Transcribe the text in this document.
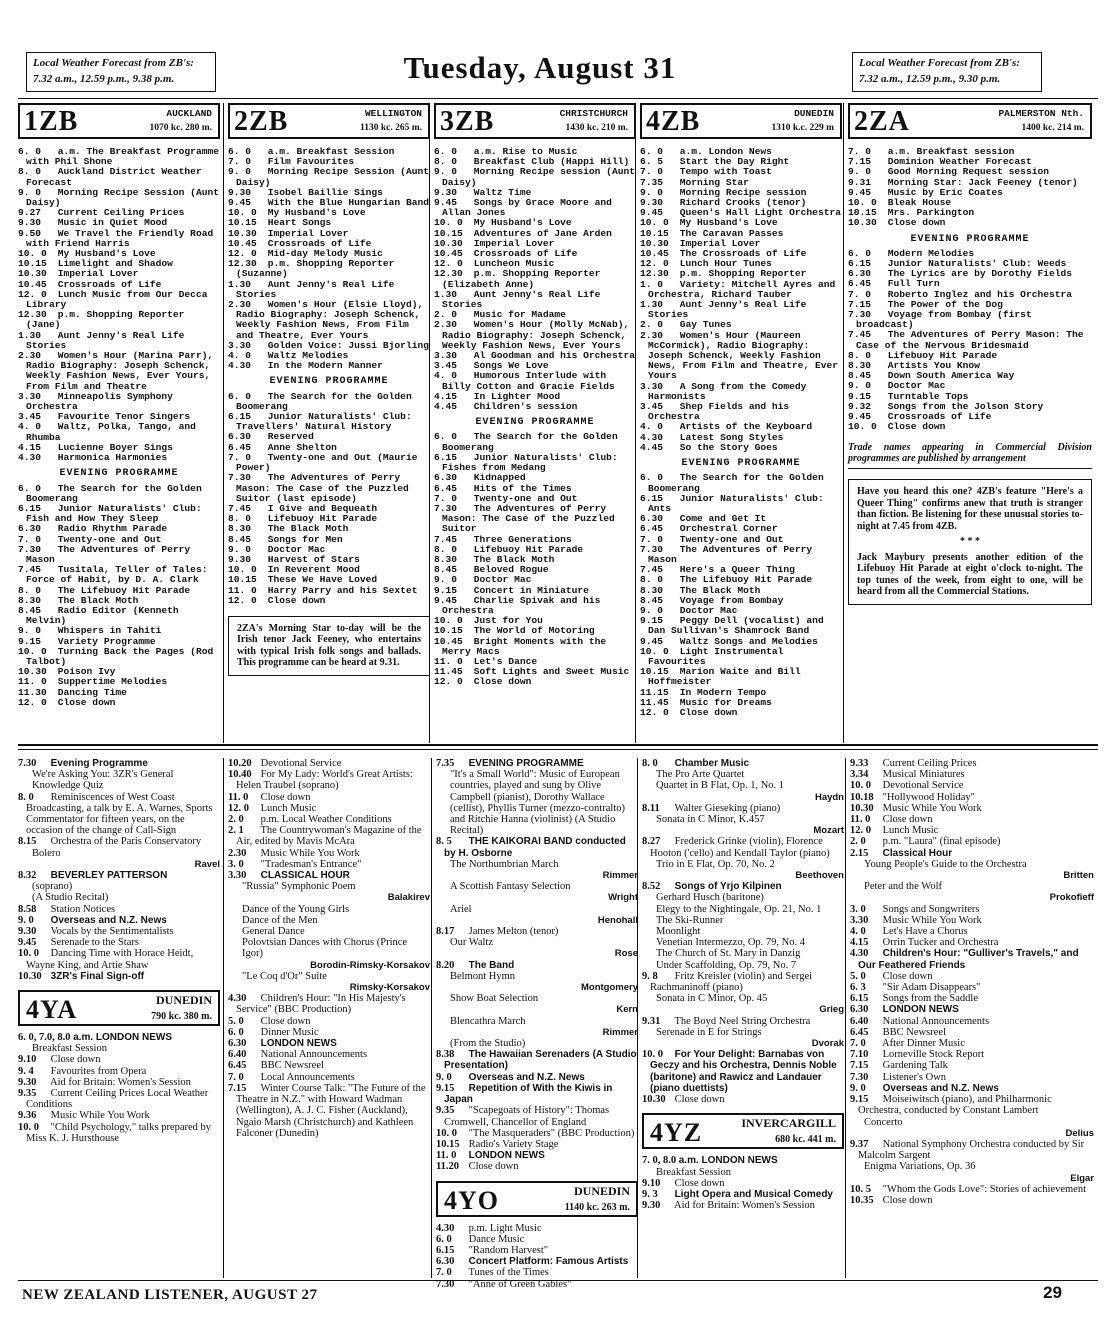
Local Weather Forecast from ZB's: 7.32 a.m., 12.59 p.m., 9.38 p.m.	Tuesday, August 31	Local Weather Forecast from ZB's: 7.32 a.m., 12.59 p.m., 9.30 p.m.
1ZB	AUCKLAND
1070 kc. 280 m.

6. 0 a.m. The Breakfast Programme with Phil Shone

8. 0 Auckland District Weather Forecast

9. 0 Morning Recipe Session (Aunt Daisy)

9.27 Current Ceiling Prices

9.30 Music in Quiet Mood

9.50 We Travel the Friendly Road with Friend Harris

10. 0 My Husband's Love

10.15 Limelight and Shadow

10.30 Imperial Lover

10.45 Crossroads of Life

12. 0 Lunch Music from Our Decca Library

12.30 p.m. Shopping Reporter (Jane)

1.30 Aunt Jenny's Real Life Stories

2.30 Women's Hour (Marina Parr), Radio Biography: Joseph Schenck, Weekly Fashion News, Ever Yours, From Film and Theatre

3.30 Minneapolis Symphony Orchestra

3.45 Favourite Tenor Singers

4. 0 Waltz, Polka, Tango, and Rhumba

4.15 Lucienne Boyer Sings

4.30 Harmonica Harmonies

EVENING PROGRAMME

6. 0 The Search for the Golden Boomerang

6.15 Junior Naturalists' Club: Fish and How They Sleep

6.30 Radio Rhythm Parade

7. 0 Twenty-one and Out

7.30 The Adventures of Perry Mason

7.45 Tusitala, Teller of Tales: Force of Habit, by D. A. Clark

8. 0 The Lifebuoy Hit Parade

8.30 The Black Moth

8.45 Radio Editor (Kenneth Melvin)

9. 0 Whispers in Tahiti

9.15 Variety Programme

10. 0 Turning Back the Pages (Rod Talbot)

10.30 Poison Ivy

11. 0 Suppertime Melodies

11.30 Dancing Time

12. 0 Close down

2ZB	WELLINGTON
1130 kc. 265 m.

6. 0 a.m. Breakfast Session

7. 0 Film Favourites

9. 0 Morning Recipe Session (Aunt Daisy)

9.30 Isobel Baillie Sings

9.45 With the Blue Hungarian Band

10. 0 My Husband's Love

10.15 Heart Songs

10.30 Imperial Lover

10.45 Crossroads of Life

12. 0 Mid-day Melody Music

12.30 p.m. Shopping Reporter (Suzanne)

1.30 Aunt Jenny's Real Life Stories

2.30 Women's Hour (Elsie Lloyd), Radio Biography: Joseph Schenck, Weekly Fashion News, From Film and Theatre, Ever Yours

3.30 Golden Voice: Jussi Bjorling

4. 0 Waltz Melodies

4.30 In the Modern Manner

EVENING PROGRAMME

6. 0 The Search for the Golden Boomerang

6.15 Junior Naturalists' Club: Travellers' Natural History

6.30 Reserved

6.45 Anne Shelton

7. 0 Twenty-one and Out (Maurie Power)

7.30 The Adventures of Perry Mason: The Case of the Puzzled Suitor (last episode)

7.45 I Give and Bequeath

8. 0 Lifebuoy Hit Parade

8.30 The Black Moth

8.45 Songs for Men

9. 0 Doctor Mac

9.30 Harvest of Stars

10. 0 In Reverent Mood

10.15 These We Have Loved

11. 0 Harry Parry and his Sextet

12. 0 Close down

2ZA's Morning Star to-day will be the Irish tenor Jack Feeney, who entertains with typical Irish folk songs and ballads. This programme can be heard at 9.31.
3ZB	CHRISTCHURCH
1430 kc. 210 m.

6. 0 a.m. Rise to Music

8. 0 Breakfast Club (Happi Hill)

9. 0 Morning Recipe session (Aunt Daisy)

9.30 Waltz Time

9.45 Songs by Grace Moore and Allan Jones

10. 0 My Husband's Love

10.15 Adventures of Jane Arden

10.30 Imperial Lover

10.45 Crossroads of Life

12. 0 Luncheon Music

12.30 p.m. Shopping Reporter (Elizabeth Anne)

1.30 Aunt Jenny's Real Life Stories

2. 0 Music for Madame

2.30 Women's Hour (Molly McNab), Radio Biography: Joseph Schenck, Weekly Fashion News, Ever Yours

3.30 Al Goodman and his Orchestra

3.45 Songs We Love

4. 0 Humorous Interlude with Billy Cotton and Gracie Fields

4.15 In Lighter Mood

4.45 Children's session

EVENING PROGRAMME

6. 0 The Search for the Golden Boomerang

6.15 Junior Naturalists' Club: Fishes from Medang

6.30 Kidnapped

6.45 Hits of the Times

7. 0 Twenty-one and Out

7.30 The Adventures of Perry Mason: The Case of the Puzzled Suitor

7.45 Three Generations

8. 0 Lifebuoy Hit Parade

8.30 The Black Moth

8.45 Beloved Rogue

9. 0 Doctor Mac

9.15 Concert in Miniature

9.45 Charlie Spivak and his Orchestra

10. 0 Just for You

10.15 The World of Motoring

10.45 Bright Moments with the Merry Macs

11. 0 Let's Dance

11.45 Soft Lights and Sweet Music

12. 0 Close down

4ZB	DUNEDIN
1310 k.c. 229 m

6. 0 a.m. London News

6. 5 Start the Day Right

7. 0 Tempo with Toast

7.35 Morning Star

9. 0 Morning Recipe session

9.30 Richard Crooks (tenor)

9.45 Queen's Hall Light Orchestra

10. 0 My Husband's Love

10.15 The Caravan Passes

10.30 Imperial Lover

10.45 The Crossroads of Life

12. 0 Lunch Hour Tunes

12.30 p.m. Shopping Reporter

1. 0 Variety: Mitchell Ayres and Orchestra, Richard Tauber

1.30 Aunt Jenny's Real Life Stories

2. 0 Gay Tunes

2.30 Women's Hour (Maureen McCormick), Radio Biography: Joseph Schenck, Weekly Fashion News, From Film and Theatre, Ever Yours

3.30 A Song from the Comedy Harmonists

3.45 Shep Fields and his Orchestra

4. 0 Artists of the Keyboard

4.30 Latest Song Styles

4.45 So the Story Goes

EVENING PROGRAMME

6. 0 The Search for the Golden Boomerang

6.15 Junior Naturalists' Club: Ants

6.30 Come and Get It

6.45 Orchestral Corner

7. 0 Twenty-one and Out

7.30 The Adventures of Perry Mason

7.45 Here's a Queer Thing

8. 0 The Lifebuoy Hit Parade

8.30 The Black Moth

8.45 Voyage from Bombay

9. 0 Doctor Mac

9.15 Peggy Dell (vocalist) and Dan Sullivan's Shamrock Band

9.45 Waltz Songs and Melodies

10. 0 Light Instrumental Favourites

10.15 Marion Waite and Bill Hoffmeister

11.15 In Modern Tempo

11.45 Music for Dreams

12. 0 Close down

2ZA	PALMERSTON Nth.
1400 kc. 214 m.

7. 0 a.m. Breakfast session

7.15 Dominion Weather Forecast

9. 0 Good Morning Request session

9.31 Morning Star: Jack Feeney (tenor)

9.45 Music by Eric Coates

10. 0 Bleak House

10.15 Mrs. Parkington

10.30 Close down

EVENING PROGRAMME

6. 0 Modern Melodies

6.15 Junior Naturalists' Club: Weeds

6.30 The Lyrics are by Dorothy Fields

6.45 Full Turn

7. 0 Roberto Inglez and his Orchestra

7.15 The Power of the Dog

7.30 Voyage from Bombay (first broadcast)

7.45 The Adventures of Perry Mason: The Case of the Nervous Bridesmaid

8. 0 Lifebuoy Hit Parade

8.30 Artists You Know

8.45 Down South America Way

9. 0 Doctor Mac

9.15 Turntable Tops

9.32 Songs from the Jolson Story

9.45 Crossroads of Life

10. 0 Close down

Trade names appearing in Commercial Division programmes are published by arrangement
Have you heard this one? 4ZB's feature "Here's a Queer Thing" confirms anew that truth is stranger than fiction. Be listening for these unusual stories to-night at 7.45 from 4ZB.
* * *
Jack Maybury presents another edition of the Lifebuoy Hit Parade at eight o'clock to-night. The top tunes of the week, from eight to one, will be heard from all the Commercial Stations.

7.30 Evening Programme

We're Asking You: 3ZR's General Knowledge Quiz

8. 0 Reminiscences of West Coast Broadcasting, a talk by E. A. Warnes, Sports Commentator for fifteen years, on the occasion of the change of Call-Sign

8.15 Orchestra of the Paris Conservatory

Bolero

Ravel

8.32 BEVERLEY PATTERSON

(soprano)

(A Studio Recital)

8.58 Station Notices

9. 0 Overseas and N.Z. News

9.30 Vocals by the Sentimentalists

9.45 Serenade to the Stars

10. 0 Dancing Time with Horace Heidt, Wayne King, and Artie Shaw

10.30 3ZR's Final Sign-off

4YA	DUNEDIN
790 kc. 380 m.

6. 0, 7.0, 8.0 a.m. LONDON NEWS

Breakfast Session

9.10 Close down

9. 4 Favourites from Opera

9.30 Aid for Britain: Women's Session

9.35 Current Ceiling Prices Local Weather Conditions

9.36 Music While You Work

10. 0 "Child Psychology," talks prepared by Miss K. J. Hursthouse

10.20 Devotional Service

10.40 For My Lady: World's Great Artists: Helen Traubel (soprano)

11. 0 Close down

12. 0 Lunch Music

2. 0 p.m. Local Weather Conditions

2. 1 The Countrywoman's Magazine of the Air, edited by Mavis McAra

2.30 Music While You Work

3. 0 "Tradesman's Entrance"

3.30 CLASSICAL HOUR

"Russia" Symphonic Poem

Balakirev

Dance of the Young Girls

Dance of the Men

General Dance

Polovtsian Dances with Chorus (Prince Igor)

Borodin-Rimsky-Korsakov

"Le Coq d'Or" Suite

Rimsky-Korsakov

4.30 Children's Hour: "In His Majesty's Service" (BBC Production)

5. 0 Close down

6. 0 Dinner Music

6.30 LONDON NEWS

6.40 National Announcements

6.45 BBC Newsreel

7. 0 Local Announcements

7.15 Winter Course Talk: "The Future of the Theatre in N.Z." with Howard Wadman (Wellington), A. J. C. Fisher (Auckland), Ngaio Marsh (Christchurch) and Kathleen Falconer (Dunedin)

7.35 EVENING PROGRAMME

"It's a Small World": Music of European countries, played and sung by Olive Campbell (pianist), Dorothy Wallace (cellist), Phyllis Turner (mezzo-contralto) and Ritchie Hanna (violinist) (A Studio Recital)

8. 5 THE KAIKORAI BAND conducted by H. Osborne

The Northumbrian March

Rimmer

A Scottish Fantasy Selection

Wright

Ariel

Henohall

8.17 James Melton (tenor)

Our Waltz

Rose

8.20 The Band

Belmont Hymn

Montgomery

Show Boat Selection

Kern

Blencathra March

Rimmer

(From the Studio)

8.38 The Hawaiian Serenaders (A Studio Presentation)

9. 0 Overseas and N.Z. News

9.15 Repetition of With the Kiwis in Japan

9.35 "Scapegoats of History": Thomas Cromwell, Chancellor of England

10. 0 "The Masqueraders" (BBC Production)

10.15 Radio's Variety Stage

11. 0 LONDON NEWS

11.20 Close down

4YO	DUNEDIN
1140 kc. 263 m.

4.30 p.m. Light Music

6. 0 Dance Music

6.15 "Random Harvest"

6.30 Concert Platform: Famous Artists

7. 0 Tunes of the Times

7.30 "Anne of Green Gables"

8. 0 Chamber Music

The Pro Arte Quartet

Quartet in B Flat, Op. 1, No. 1

Haydn

8.11 Walter Gieseking (piano)

Sonata in C Minor, K.457

Mozart

8.27 Frederick Grinke (violin), Florence Hooton ('cello) and Kendall Taylor (piano)

Trio in E Flat, Op. 70, No. 2

Beethoven

8.52 Songs of Yrjo Kilpinen

Gerhard Husch (baritone)

Elegy to the Nightingale, Op. 21, No. 1

The Ski-Runner

Moonlight

Venetian Intermezzo, Op. 79, No. 4

The Church of St. Mary in Danzig

Under Scaffolding, Op. 79, No. 7

9. 8 Fritz Kreisler (violin) and Sergei Rachmaninoff (piano)

Sonata in C Minor, Op. 45

Grieg

9.31 The Boyd Neel String Orchestra

Serenade in E for Strings

Dvorak

10. 0 For Your Delight: Barnabas von Geczy and his Orchestra, Dennis Noble (baritone) and Rawicz and Landauer (piano duettists)

10.30 Close down

4YZ	INVERCARGILL
680 kc. 441 m.

7. 0, 8.0 a.m. LONDON NEWS

Breakfast Session

9.10 Close down

9. 3 Light Opera and Musical Comedy

9.30 Aid for Britain: Women's Session

9.33 Current Ceiling Prices

3.34 Musical Miniatures

10. 0 Devotional Service

10.18 "Hollywood Holiday"

10.30 Music While You Work

11. 0 Close down

12. 0 Lunch Music

2. 0 p.m. "Laura" (final episode)

2.15 Classical Hour

Young People's Guide to the Orchestra

Britten

Peter and the Wolf

Prokofieff

3. 0 Songs and Songwriters

3.30 Music While You Work

4. 0 Let's Have a Chorus

4.15 Orrin Tucker and Orchestra

4.30 Children's Hour: "Gulliver's Travels," and Our Feathered Friends

5. 0 Close down

6. 3 "Sir Adam Disappears"

6.15 Songs from the Saddle

6.30 LONDON NEWS

6.40 National Announcements

6.45 BBC Newsreel

7. 0 After Dinner Music

7.10 Lorneville Stock Report

7.15 Gardening Talk

7.30 Listener's Own

9. 0 Overseas and N.Z. News

9.15 Moiseiwitsch (piano), and Philharmonic Orchestra, conducted by Constant Lambert

Concerto

Delius

9.37 National Symphony Orchestra conducted by Sir Malcolm Sargent

Enigma Variations, Op. 36

Elgar

10. 5 "Whom the Gods Love": Stories of achievement

10.35 Close down

NEW ZEALAND LISTENER, AUGUST 27	29
